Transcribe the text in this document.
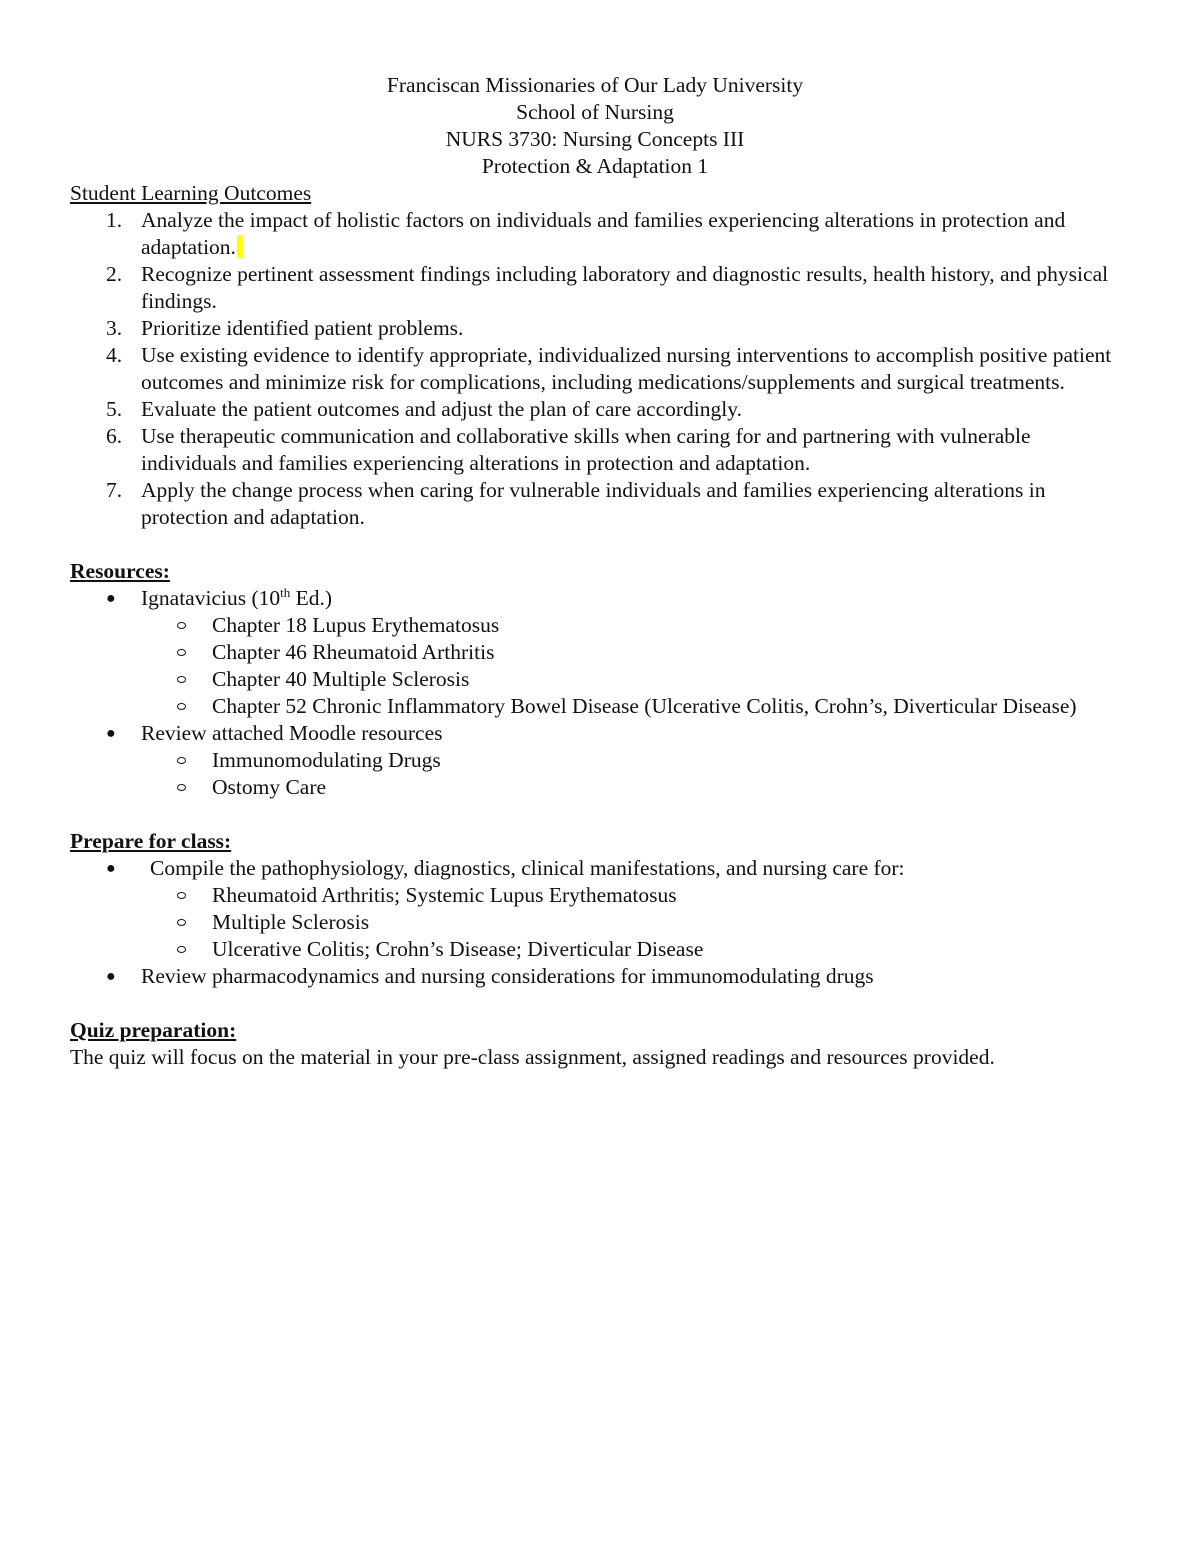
Franciscan Missionaries of Our Lady University
School of Nursing
NURS 3730: Nursing Concepts III
Protection & Adaptation 1
Student Learning Outcomes
1. Analyze the impact of holistic factors on individuals and families experiencing alterations in protection and adaptation.
2. Recognize pertinent assessment findings including laboratory and diagnostic results, health history, and physical findings.
3. Prioritize identified patient problems.
4. Use existing evidence to identify appropriate, individualized nursing interventions to accomplish positive patient outcomes and minimize risk for complications, including medications/supplements and surgical treatments.
5. Evaluate the patient outcomes and adjust the plan of care accordingly.
6. Use therapeutic communication and collaborative skills when caring for and partnering with vulnerable individuals and families experiencing alterations in protection and adaptation.
7. Apply the change process when caring for vulnerable individuals and families experiencing alterations in protection and adaptation.
Resources:
● Ignatavicius (10th Ed.)
Chapter 18 Lupus Erythematosus
Chapter 46 Rheumatoid Arthritis
Chapter 40 Multiple Sclerosis
Chapter 52 Chronic Inflammatory Bowel Disease (Ulcerative Colitis, Crohn’s, Diverticular Disease)
● Review attached Moodle resources
Immunomodulating Drugs
Ostomy Care
Prepare for class:
● Compile the pathophysiology, diagnostics, clinical manifestations, and nursing care for:
Rheumatoid Arthritis; Systemic Lupus Erythematosus
Multiple Sclerosis
Ulcerative Colitis; Crohn’s Disease; Diverticular Disease
● Review pharmacodynamics and nursing considerations for immunomodulating drugs
Quiz preparation:
The quiz will focus on the material in your pre-class assignment, assigned readings and resources provided.
